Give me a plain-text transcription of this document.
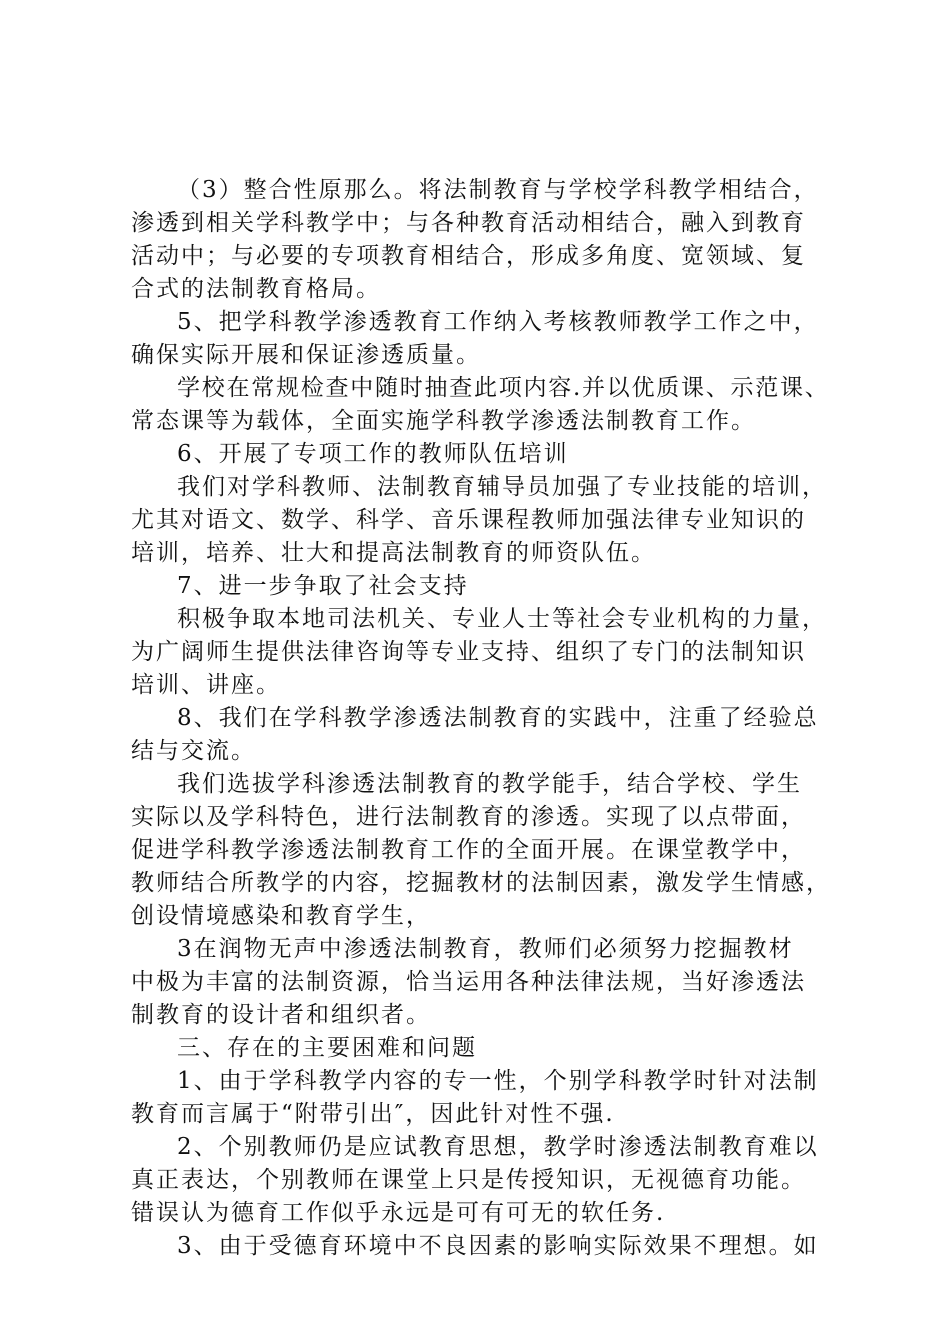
（3）整合性原那么。将法制教育与学校学科教学相结合，
渗透到相关学科教学中；与各种教育活动相结合，融入到教育
活动中；与必要的专项教育相结合，形成多角度、宽领域、复
合式的法制教育格局。
5、把学科教学渗透教育工作纳入考核教师教学工作之中，
确保实际开展和保证渗透质量。
学校在常规检查中随时抽查此项内容.并以优质课、示范课、
常态课等为载体，全面实施学科教学渗透法制教育工作。
6、开展了专项工作的教师队伍培训
我们对学科教师、法制教育辅导员加强了专业技能的培训，
尤其对语文、数学、科学、音乐课程教师加强法律专业知识的
培训，培养、壮大和提高法制教育的师资队伍。
7、进一步争取了社会支持
积极争取本地司法机关、专业人士等社会专业机构的力量，
为广阔师生提供法律咨询等专业支持、组织了专门的法制知识
培训、讲座。
8、我们在学科教学渗透法制教育的实践中，注重了经验总
结与交流。
我们选拔学科渗透法制教育的教学能手，结合学校、学生
实际以及学科特色，进行法制教育的渗透。实现了以点带面，
促进学科教学渗透法制教育工作的全面开展。在课堂教学中，
教师结合所教学的内容，挖掘教材的法制因素，激发学生情感，
创设情境感染和教育学生，
3在润物无声中渗透法制教育，教师们必须努力挖掘教材
中极为丰富的法制资源，恰当运用各种法律法规，当好渗透法
制教育的设计者和组织者。
三、存在的主要困难和问题
1、由于学科教学内容的专一性，个别学科教学时针对法制
教育而言属于“附带引出″，因此针对性不强.
2、个别教师仍是应试教育思想，教学时渗透法制教育难以
真正表达，个别教师在课堂上只是传授知识，无视德育功能。
错误认为德育工作似乎永远是可有可无的软任务.
3、由于受德育环境中不良因素的影响实际效果不理想。如
